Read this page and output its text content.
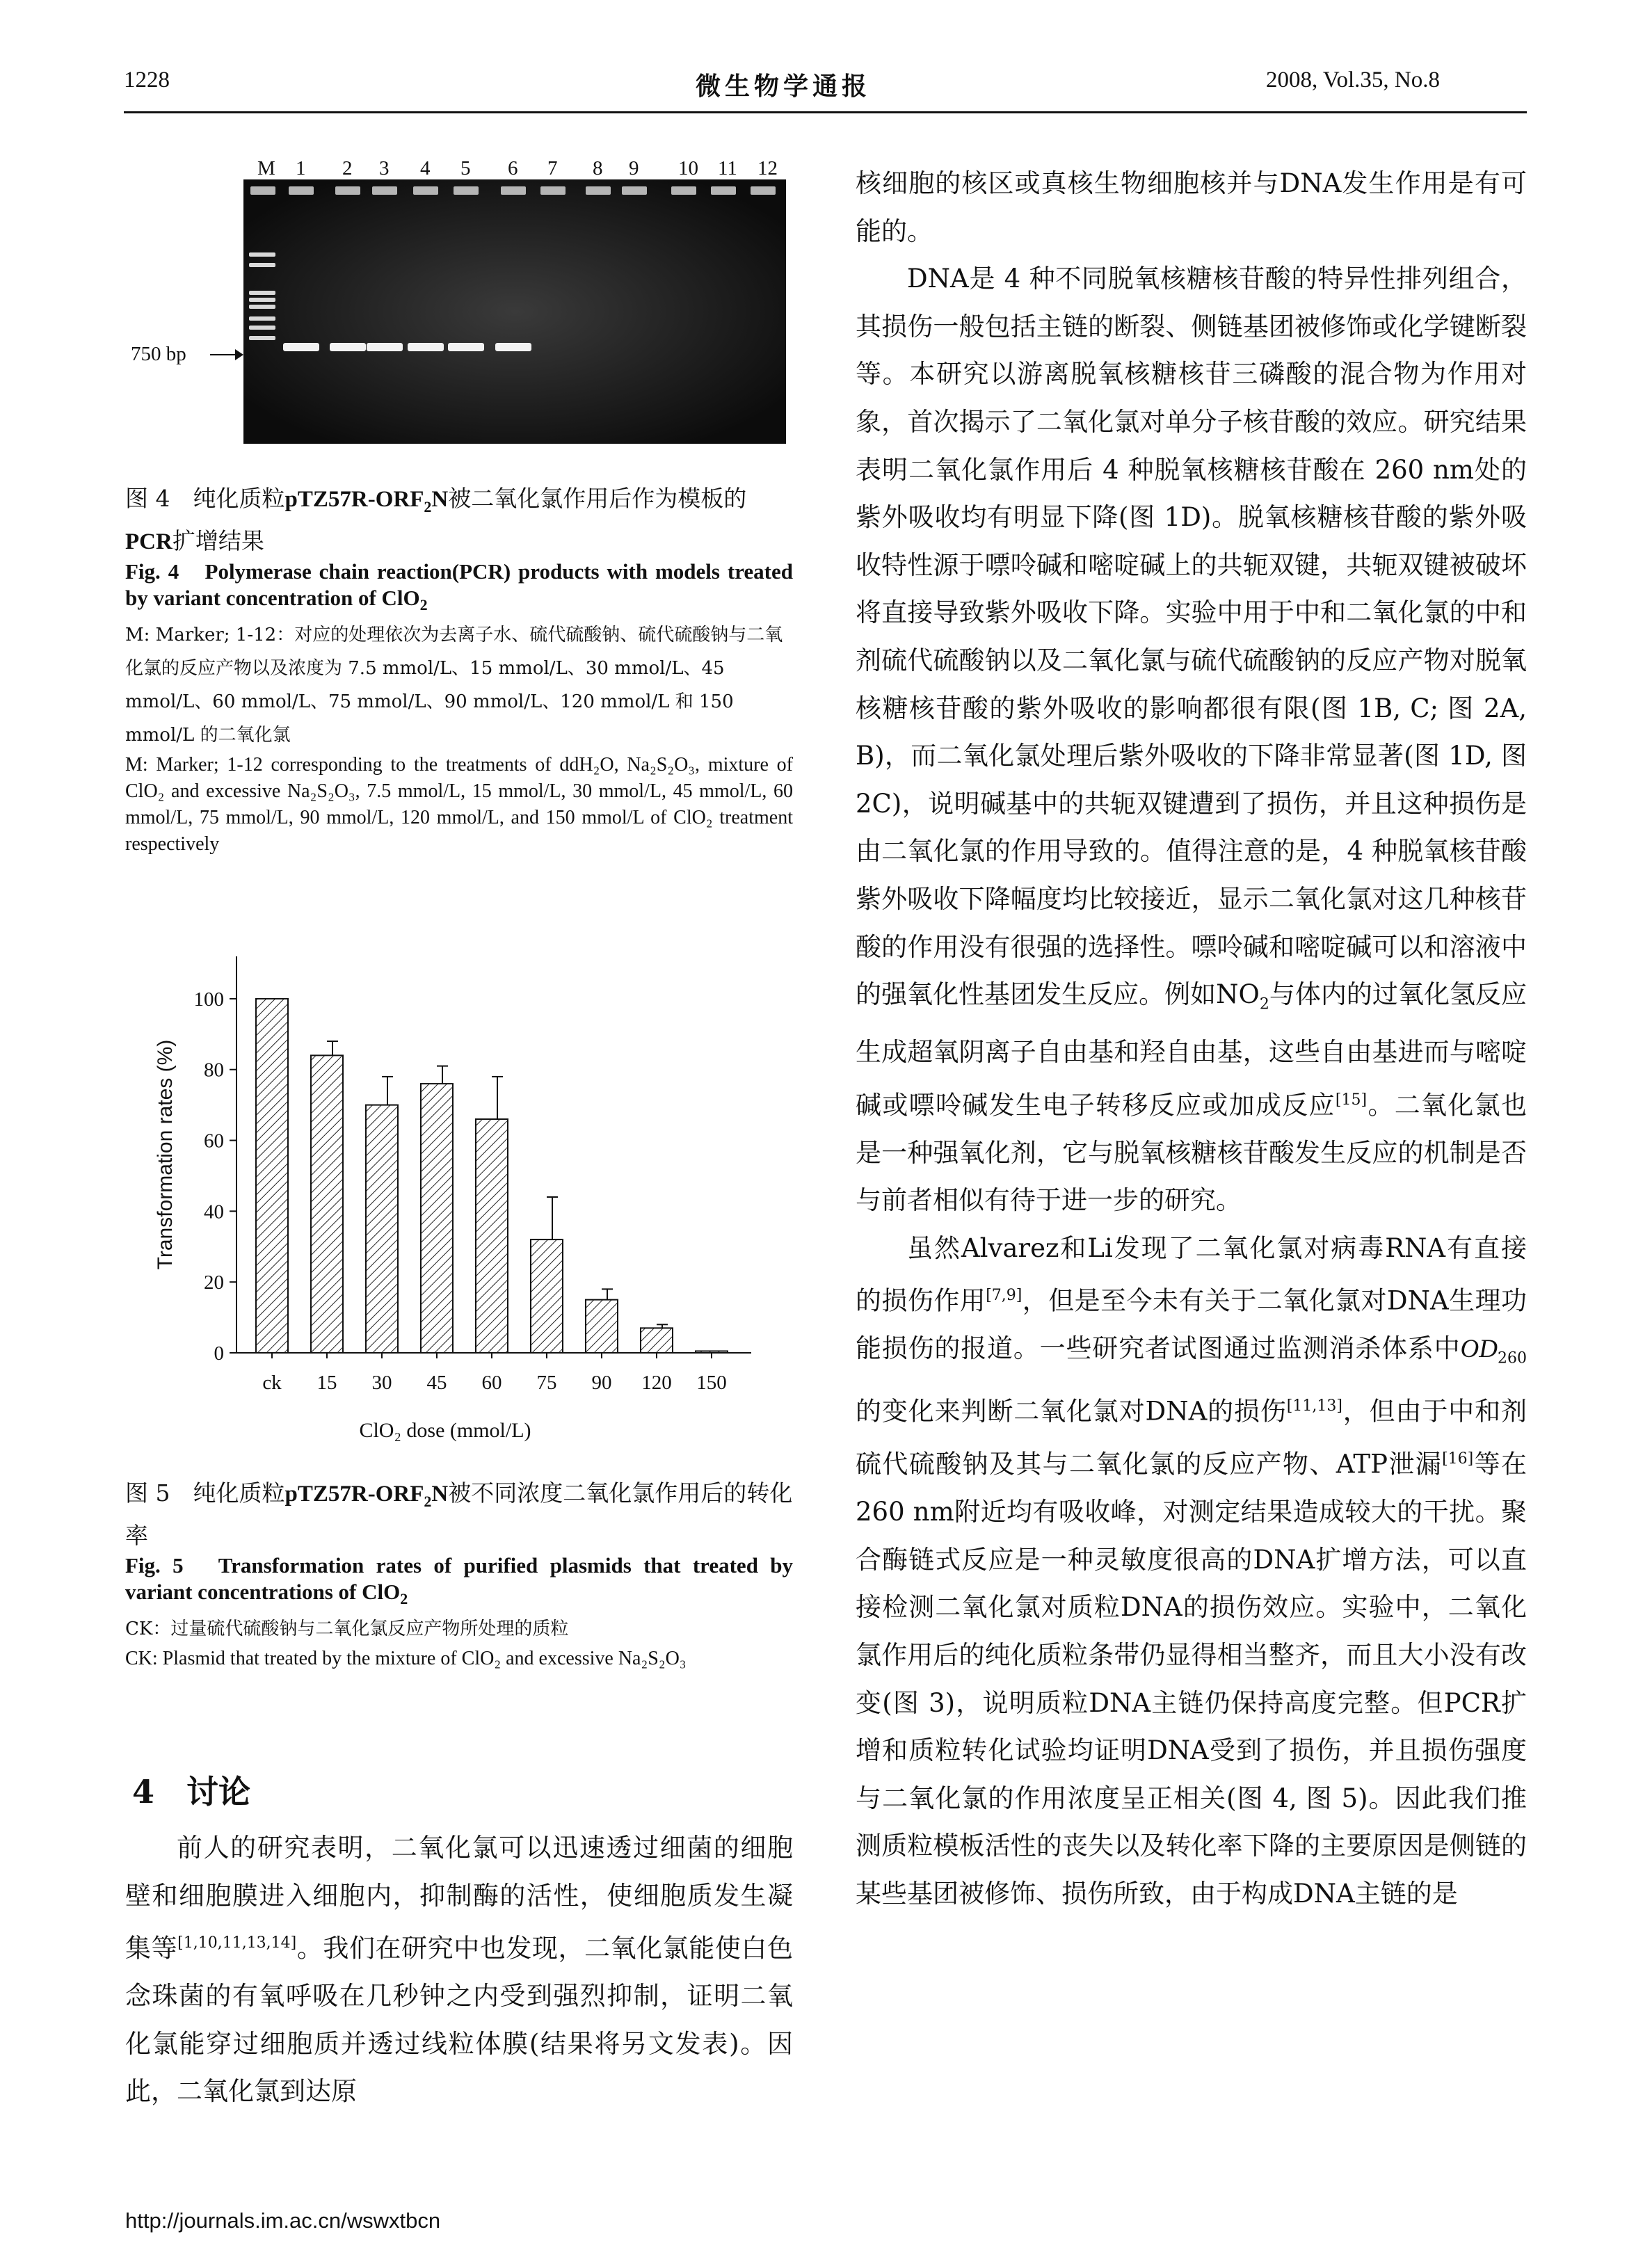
1228	微生物学通报	2008, Vol.35, No.8
M 1 2 3 4 5 6 7 8 9 10 11 12
750 bp
图 4　纯化质粒$pTZ57R-ORF_2N$被二氧化氯作用后作为模板的PCR扩增结果
Fig. 4　Polymerase chain reaction(PCR) products with models treated by variant concentration of ClO$_2$
M: Marker; 1-12：对应的处理依次为去离子水、硫代硫酸钠、硫代硫酸钠与二氧化氯的反应产物以及浓度为 7.5 mmol/L、15 mmol/L、30 mmol/L、45 mmol/L、60 mmol/L、75 mmol/L、90 mmol/L、120 mmol/L 和 150 mmol/L 的二氧化氯
M: Marker; 1-12 corresponding to the treatments of ddH₂O, Na₂S₂O₃, mixture of ClO₂ and excessive Na₂S₂O₃, 7.5 mmol/L, 15 mmol/L, 30 mmol/L, 45 mmol/L, 60 mmol/L, 75 mmol/L, 90 mmol/L, 120 mmol/L, and 150 mmol/L of ClO₂ treatment respectively
0
20
40
60
80
100
ck 15 30 45 60 75 90 120 150
Transformation rates (%)
ClO₂ dose (mmol/L)
图 5　纯化质粒$pTZ57R-ORF_2N$被不同浓度二氧化氯作用后的转化率
Fig. 5　Transformation rates of purified plasmids that treated by variant concentrations of ClO$_2$
CK：过量硫代硫酸钠与二氧化氯反应产物所处理的质粒
CK: Plasmid that treated by the mixture of ClO₂ and excessive Na₂S₂O₃
4　讨论

前人的研究表明，二氧化氯可以迅速透过细菌的细胞壁和细胞膜进入细胞内，抑制酶的活性，使细胞质发生凝集等[1,10,11,13,14]。我们在研究中也发现，二氧化氯能使白色念珠菌的有氧呼吸在几秒钟之内受到强烈抑制，证明二氧化氯能穿过细胞质并透过线粒体膜(结果将另文发表)。因此，二氧化氯到达原

核细胞的核区或真核生物细胞核并与DNA发生作用是有可能的。

DNA是 4 种不同脱氧核糖核苷酸的特异性排列组合，其损伤一般包括主链的断裂、侧链基团被修饰或化学键断裂等。本研究以游离脱氧核糖核苷三磷酸的混合物为作用对象，首次揭示了二氧化氯对单分子核苷酸的效应。研究结果表明二氧化氯作用后 4 种脱氧核糖核苷酸在 260 nm处的紫外吸收均有明显下降(图 1D)。脱氧核糖核苷酸的紫外吸收特性源于嘌呤碱和嘧啶碱上的共轭双键，共轭双键被破坏将直接导致紫外吸收下降。实验中用于中和二氧化氯的中和剂硫代硫酸钠以及二氧化氯与硫代硫酸钠的反应产物对脱氧核糖核苷酸的紫外吸收的影响都很有限(图 1B, C; 图 2A, B)，而二氧化氯处理后紫外吸收的下降非常显著(图 1D, 图 2C)，说明碱基中的共轭双键遭到了损伤，并且这种损伤是由二氧化氯的作用导致的。值得注意的是，4 种脱氧核苷酸紫外吸收下降幅度均比较接近，显示二氧化氯对这几种核苷酸的作用没有很强的选择性。嘌呤碱和嘧啶碱可以和溶液中的强氧化性基团发生反应。例如$NO_2$与体内的过氧化氢反应生成超氧阴离子自由基和羟自由基，这些自由基进而与嘧啶碱或嘌呤碱发生电子转移反应或加成反应[15]。二氧化氯也是一种强氧化剂，它与脱氧核糖核苷酸发生反应的机制是否与前者相似有待于进一步的研究。

虽然Alvarez和Li发现了二氧化氯对病毒RNA有直接的损伤作用[7,9]，但是至今未有关于二氧化氯对DNA生理功能损伤的报道。一些研究者试图通过监测消杀体系中$OD_{260}$的变化来判断二氧化氯对DNA的损伤[11,13]，但由于中和剂硫代硫酸钠及其与二氧化氯的反应产物、ATP泄漏[16]等在 260 nm附近均有吸收峰，对测定结果造成较大的干扰。聚合酶链式反应是一种灵敏度很高的DNA扩增方法，可以直接检测二氧化氯对质粒DNA的损伤效应。实验中，二氧化氯作用后的纯化质粒条带仍显得相当整齐，而且大小没有改变(图 3)，说明质粒DNA主链仍保持高度完整。但PCR扩增和质粒转化试验均证明DNA受到了损伤，并且损伤强度与二氧化氯的作用浓度呈正相关(图 4, 图 5)。因此我们推测质粒模板活性的丧失以及转化率下降的主要原因是侧链的某些基团被修饰、损伤所致，由于构成DNA主链的是

http://journals.im.ac.cn/wswxtbcn
